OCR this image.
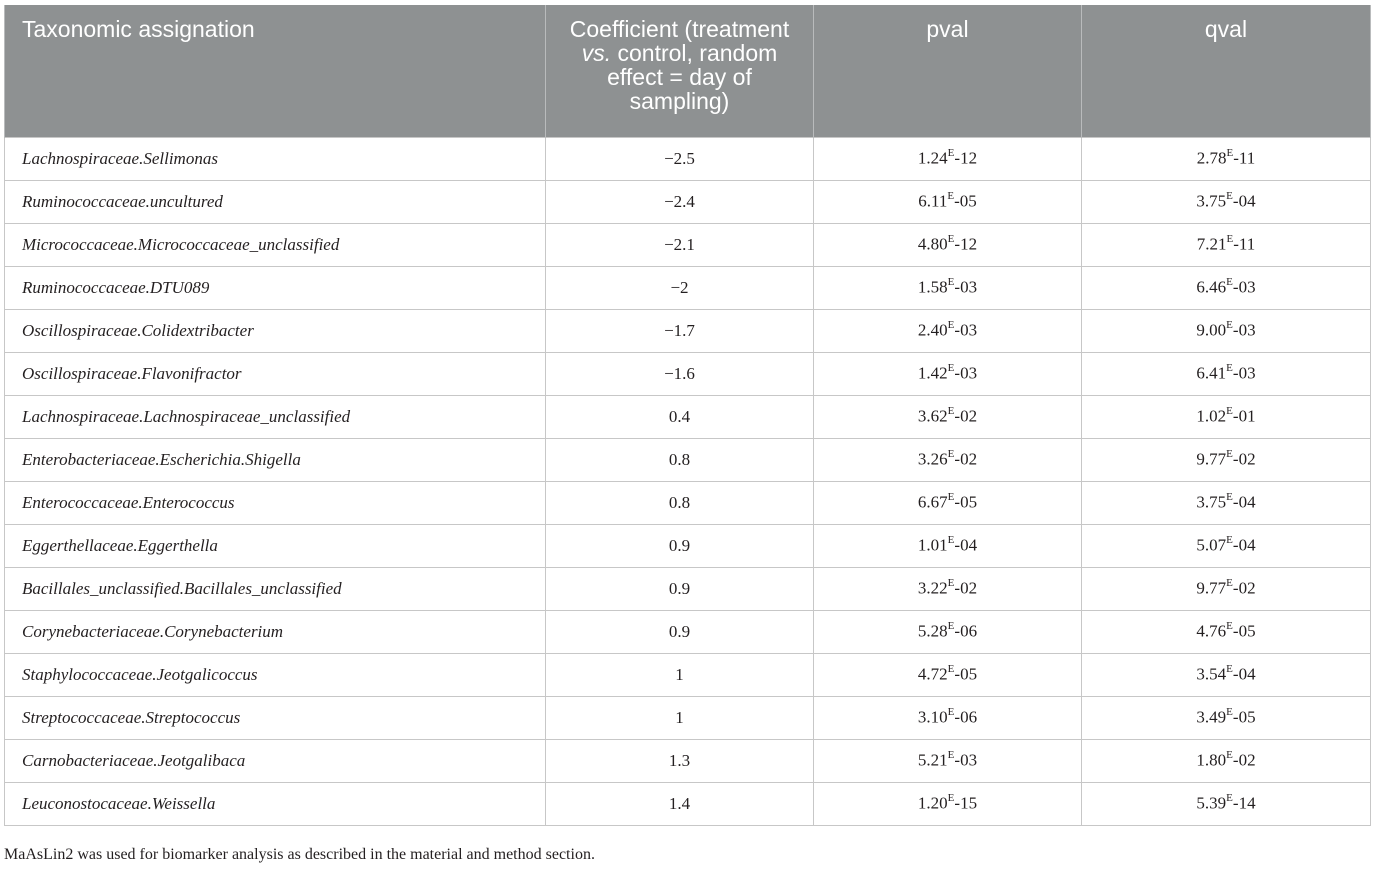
Taxonomic assignation	Coefficient (treatment vs. control, random effect = day of sampling)	pval	qval
Lachnospiraceae.Sellimonas	−2.5	$1.24^E-12$	$2.78^E-11$
Ruminococcaceae.uncultured	−2.4	$6.11^E-05$	$3.75^E-04$
Micrococcaceae.Micrococcaceae_unclassified	−2.1	$4.80^E-12$	$7.21^E-11$
Ruminococcaceae.DTU089	−2	$1.58^E-03$	$6.46^E-03$
Oscillospiraceae.Colidextribacter	−1.7	$2.40^E-03$	$9.00^E-03$
Oscillospiraceae.Flavonifractor	−1.6	$1.42^E-03$	$6.41^E-03$
Lachnospiraceae.Lachnospiraceae_unclassified	0.4	$3.62^E-02$	$1.02^E-01$
Enterobacteriaceae.Escherichia.Shigella	0.8	$3.26^E-02$	$9.77^E-02$
Enterococcaceae.Enterococcus	0.8	$6.67^E-05$	$3.75^E-04$
Eggerthellaceae.Eggerthella	0.9	$1.01^E-04$	$5.07^E-04$
Bacillales_unclassified.Bacillales_unclassified	0.9	$3.22^E-02$	$9.77^E-02$
Corynebacteriaceae.Corynebacterium	0.9	$5.28^E-06$	$4.76^E-05$
Staphylococcaceae.Jeotgalicoccus	1	$4.72^E-05$	$3.54^E-04$
Streptococcaceae.Streptococcus	1	$3.10^E-06$	$3.49^E-05$
Carnobacteriaceae.Jeotgalibaca	1.3	$5.21^E-03$	$1.80^E-02$
Leuconostocaceae.Weissella	1.4	$1.20^E-15$	$5.39^E-14$
MaAsLin2 was used for biomarker analysis as described in the material and method section.
